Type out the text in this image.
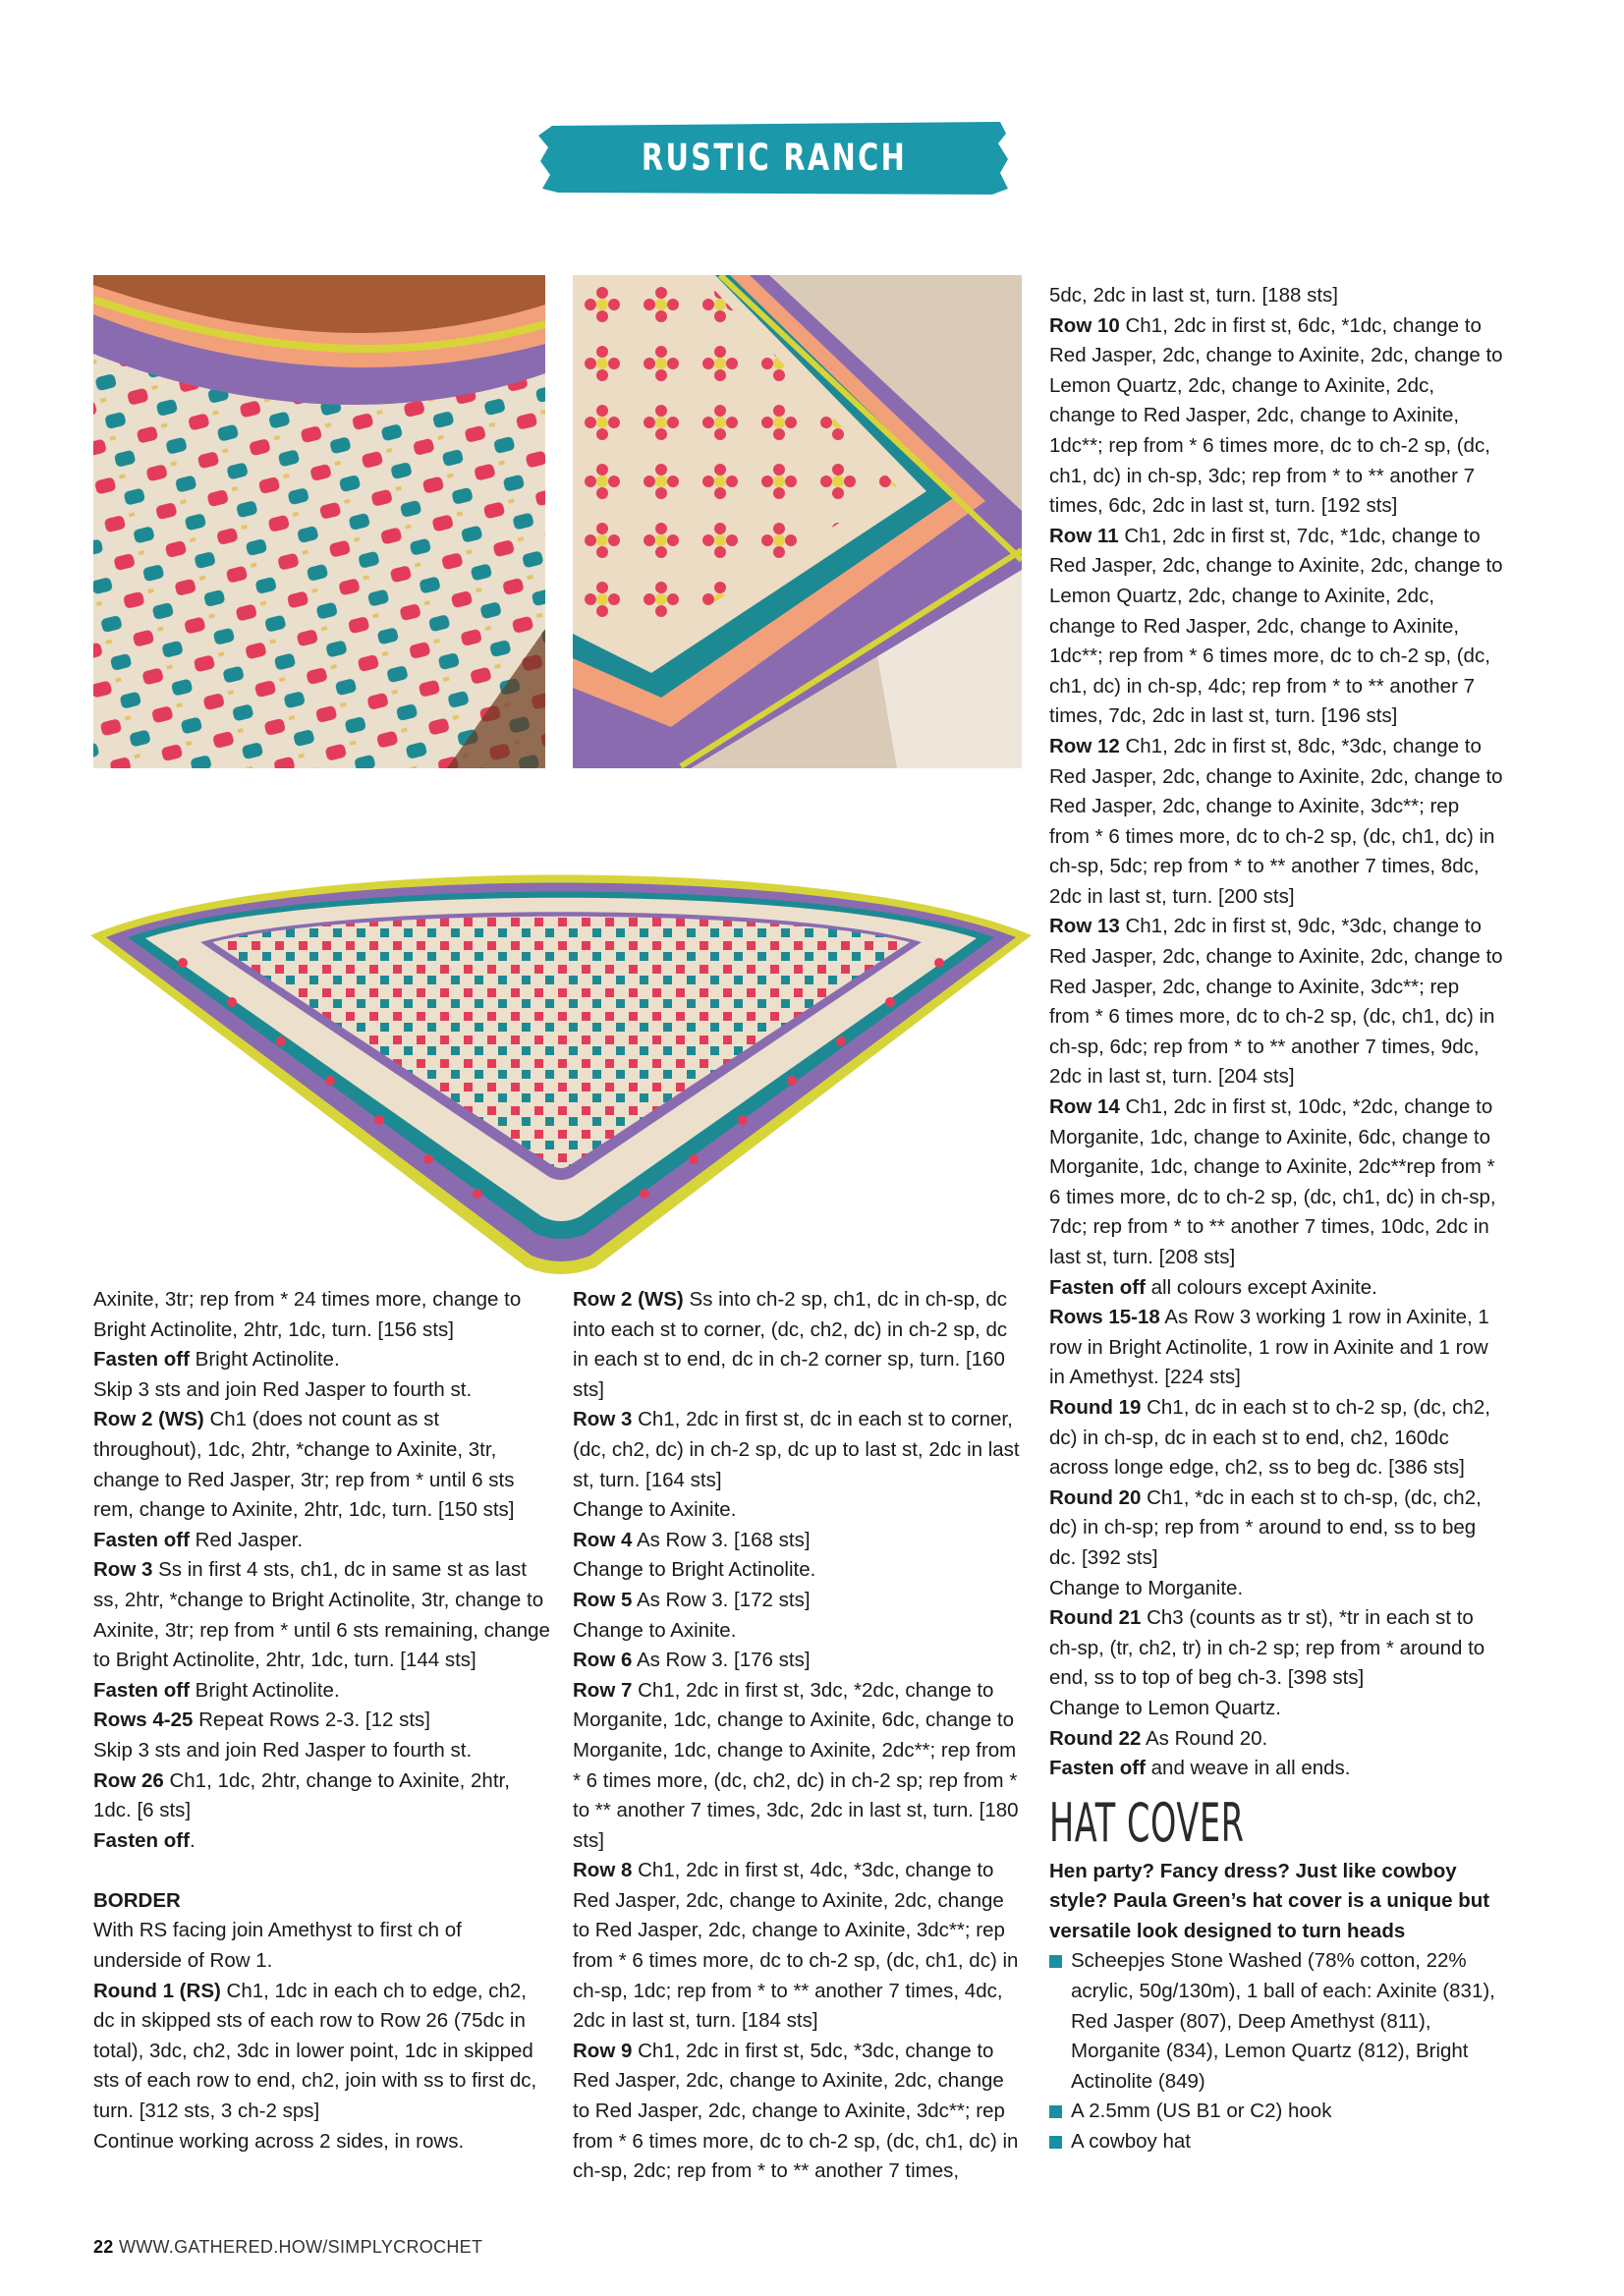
RUSTIC RANCH COLLECTION

Axinite, 3tr; rep from * 24 times more, change to Bright Actinolite, 2htr, 1dc, turn. [156 sts]

Fasten off Bright Actinolite.

Skip 3 sts and join Red Jasper to fourth st.

Row 2 (WS) Ch1 (does not count as st throughout), 1dc, 2htr, *change to Axinite, 3tr, change to Red Jasper, 3tr; rep from * until 6 sts rem, change to Axinite, 2htr, 1dc, turn. [150 sts]

Fasten off Red Jasper.

Row 3 Ss in first 4 sts, ch1, dc in same st as last ss, 2htr, *change to Bright Actinolite, 3tr, change to Axinite, 3tr; rep from * until 6 sts remaining, change to Bright Actinolite, 2htr, 1dc, turn. [144 sts]

Fasten off Bright Actinolite.

Rows 4-25 Repeat Rows 2-3. [12 sts]

Skip 3 sts and join Red Jasper to fourth st.

Row 26 Ch1, 1dc, 2htr, change to Axinite, 2htr, 1dc. [6 sts]

Fasten off.

BORDER

With RS facing join Amethyst to first ch of underside of Row 1.

Round 1 (RS) Ch1, 1dc in each ch to edge, ch2, dc in skipped sts of each row to Row 26 (75dc in total), 3dc, ch2, 3dc in lower point, 1dc in skipped sts of each row to end, ch2, join with ss to first dc, turn. [312 sts, 3 ch-2 sps]

Continue working across 2 sides, in rows.

Row 2 (WS) Ss into ch-2 sp, ch1, dc in ch-sp, dc into each st to corner, (dc, ch2, dc) in ch-2 sp, dc in each st to end, dc in ch-2 corner sp, turn. [160 sts]

Row 3 Ch1, 2dc in first st, dc in each st to corner, (dc, ch2, dc) in ch-2 sp, dc up to last st, 2dc in last st, turn. [164 sts]

Change to Axinite.

Row 4 As Row 3. [168 sts]

Change to Bright Actinolite.

Row 5 As Row 3. [172 sts]

Change to Axinite.

Row 6 As Row 3. [176 sts]

Row 7 Ch1, 2dc in first st, 3dc, *2dc, change to Morganite, 1dc, change to Axinite, 6dc, change to Morganite, 1dc, change to Axinite, 2dc**; rep from * 6 times more, (dc, ch2, dc) in ch-2 sp; rep from * to ** another 7 times, 3dc, 2dc in last st, turn. [180 sts]

Row 8 Ch1, 2dc in first st, 4dc, *3dc, change to Red Jasper, 2dc, change to Axinite, 2dc, change to Red Jasper, 2dc, change to Axinite, 3dc**; rep from * 6 times more, dc to ch-2 sp, (dc, ch1, dc) in ch-sp, 1dc; rep from * to ** another 7 times, 4dc, 2dc in last st, turn. [184 sts]

Row 9 Ch1, 2dc in first st, 5dc, *3dc, change to Red Jasper, 2dc, change to Axinite, 2dc, change to Red Jasper, 2dc, change to Axinite, 3dc**; rep from * 6 times more, dc to ch-2 sp, (dc, ch1, dc) in ch-sp, 2dc; rep from * to ** another 7 times,

5dc, 2dc in last st, turn. [188 sts]

Row 10 Ch1, 2dc in first st, 6dc, *1dc, change to Red Jasper, 2dc, change to Axinite, 2dc, change to Lemon Quartz, 2dc, change to Axinite, 2dc, change to Red Jasper, 2dc, change to Axinite, 1dc**; rep from * 6 times more, dc to ch-2 sp, (dc, ch1, dc) in ch-sp, 3dc; rep from * to ** another 7 times, 6dc, 2dc in last st, turn. [192 sts]

Row 11 Ch1, 2dc in first st, 7dc, *1dc, change to Red Jasper, 2dc, change to Axinite, 2dc, change to Lemon Quartz, 2dc, change to Axinite, 2dc, change to Red Jasper, 2dc, change to Axinite, 1dc**; rep from * 6 times more, dc to ch-2 sp, (dc, ch1, dc) in ch-sp, 4dc; rep from * to ** another 7 times, 7dc, 2dc in last st, turn. [196 sts]

Row 12 Ch1, 2dc in first st, 8dc, *3dc, change to Red Jasper, 2dc, change to Axinite, 2dc, change to Red Jasper, 2dc, change to Axinite, 3dc**; rep from * 6 times more, dc to ch-2 sp, (dc, ch1, dc) in ch-sp, 5dc; rep from * to ** another 7 times, 8dc, 2dc in last st, turn. [200 sts]

Row 13 Ch1, 2dc in first st, 9dc, *3dc, change to Red Jasper, 2dc, change to Axinite, 2dc, change to Red Jasper, 2dc, change to Axinite, 3dc**; rep from * 6 times more, dc to ch-2 sp, (dc, ch1, dc) in ch-sp, 6dc; rep from * to ** another 7 times, 9dc, 2dc in last st, turn. [204 sts]

Row 14 Ch1, 2dc in first st, 10dc, *2dc, change to Morganite, 1dc, change to Axinite, 6dc, change to Morganite, 1dc, change to Axinite, 2dc**rep from * 6 times more, dc to ch-2 sp, (dc, ch1, dc) in ch-sp, 7dc; rep from * to ** another 7 times, 10dc, 2dc in last st, turn. [208 sts]

Fasten off all colours except Axinite.

Rows 15-18 As Row 3 working 1 row in Axinite, 1 row in Bright Actinolite, 1 row in Axinite and 1 row in Amethyst. [224 sts]

Round 19 Ch1, dc in each st to ch-2 sp, (dc, ch2, dc) in ch-sp, dc in each st to end, ch2, 160dc across longe edge, ch2, ss to beg dc. [386 sts]

Round 20 Ch1, *dc in each st to ch-sp, (dc, ch2, dc) in ch-sp; rep from * around to end, ss to beg dc. [392 sts]

Change to Morganite.

Round 21 Ch3 (counts as tr st), *tr in each st to ch-sp, (tr, ch2, tr) in ch-2 sp; rep from * around to end, ss to top of beg ch-3. [398 sts]

Change to Lemon Quartz.

Round 22 As Round 20.

Fasten off and weave in all ends.

HAT COVER

Hen party? Fancy dress? Just like cowboy style? Paula Green’s hat cover is a unique but versatile look designed to turn heads

Scheepjes Stone Washed (78% cotton, 22% acrylic, 50g/130m), 1 ball of each: Axinite (831), Red Jasper (807), Deep Amethyst (811), Morganite (834), Lemon Quartz (812), Bright Actinolite (849)
A 2.5mm (US B1 or C2) hook
A cowboy hat
22 WWW.GATHERED.HOW/SIMPLYCROCHET
